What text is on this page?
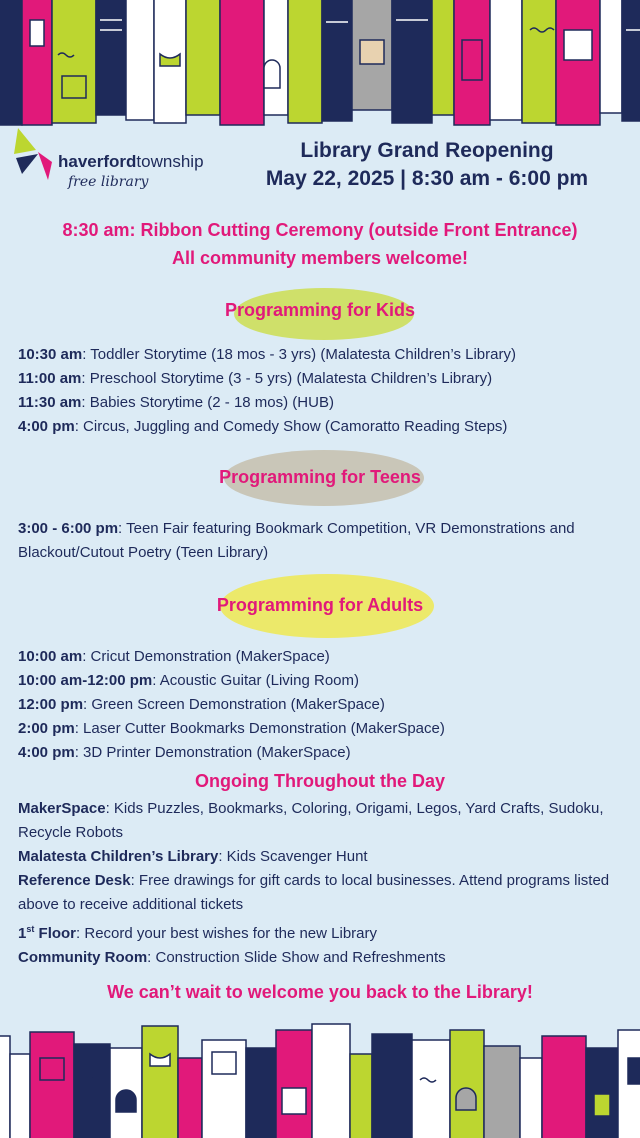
haverfordtownship
free library
Library Grand Reopening
May 22, 2025 | 8:30 am - 6:00 pm
8:30 am: Ribbon Cutting Ceremony (outside Front Entrance)
All community members welcome!
Programming for Kids
10:30 am: Toddler Storytime (18 mos - 3 yrs) (Malatesta Children’s Library)
11:00 am: Preschool Storytime (3 - 5 yrs) (Malatesta Children’s Library)
11:30 am: Babies Storytime (2 - 18 mos) (HUB)
4:00 pm: Circus, Juggling and Comedy Show (Camoratto Reading Steps)
Programming for Teens
3:00 - 6:00 pm: Teen Fair featuring Bookmark Competition, VR Demonstrations and Blackout/Cutout Poetry (Teen Library)
Programming for Adults
10:00 am: Cricut Demonstration (MakerSpace)
10:00 am-12:00 pm: Acoustic Guitar (Living Room)
12:00 pm: Green Screen Demonstration (MakerSpace)
2:00 pm: Laser Cutter Bookmarks Demonstration (MakerSpace)
4:00 pm: 3D Printer Demonstration (MakerSpace)
Ongoing Throughout the Day
MakerSpace: Kids Puzzles, Bookmarks, Coloring, Origami, Legos, Yard Crafts, Sudoku, Recycle Robots
Malatesta Children’s Library: Kids Scavenger Hunt
Reference Desk: Free drawings for gift cards to local businesses. Attend programs listed above to receive additional tickets
1st Floor: Record your best wishes for the new Library
Community Room: Construction Slide Show and Refreshments
We can’t wait to welcome you back to the Library!
